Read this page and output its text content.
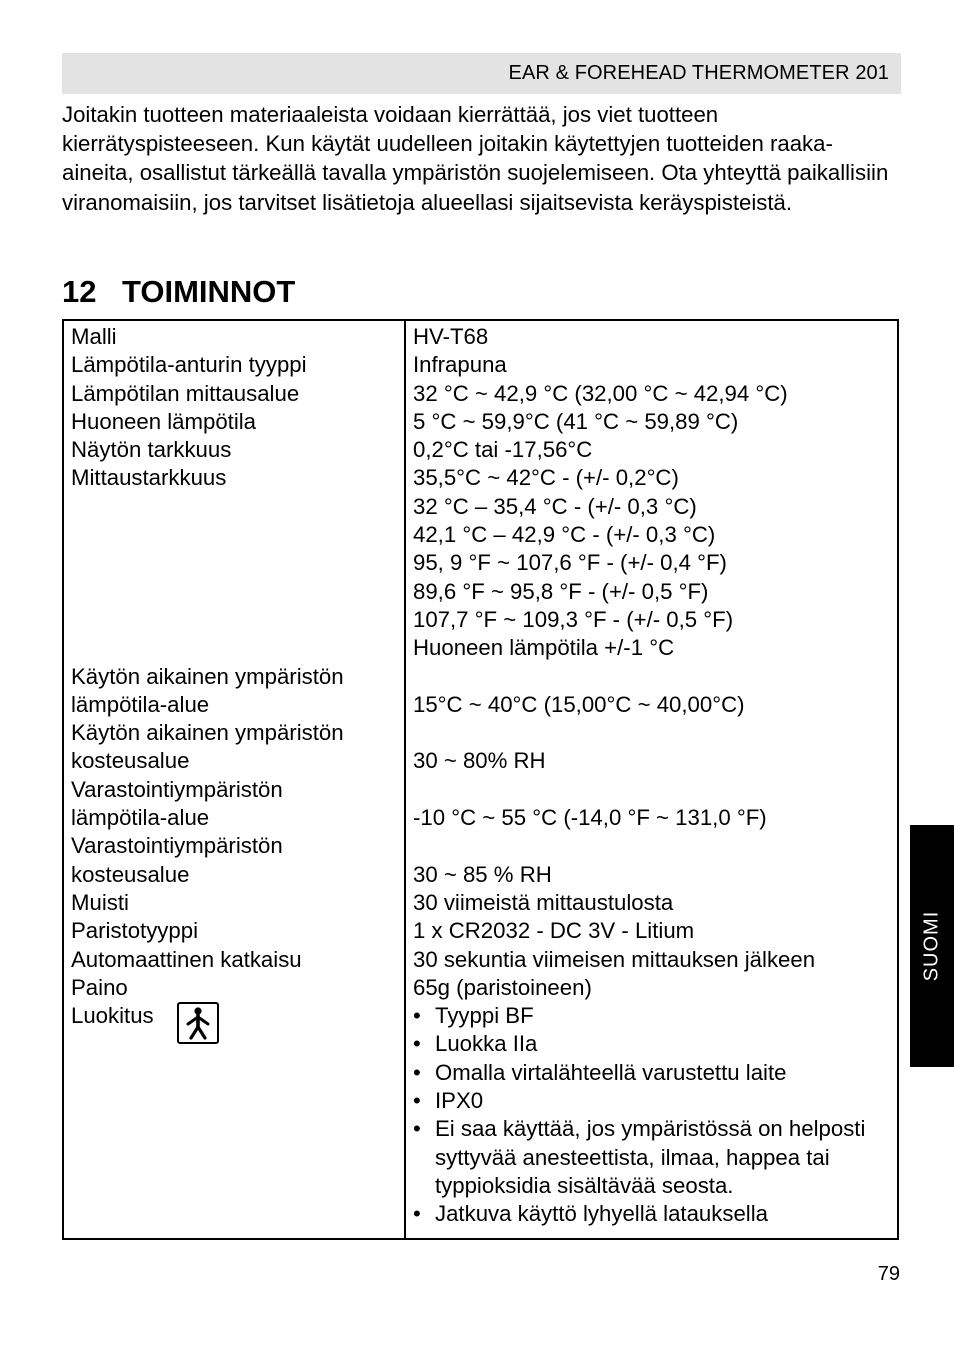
EAR & FOREHEAD THERMOMETER 201

Joitakin tuotteen materiaaleista voidaan kierrättää, jos viet tuotteen kierrätyspisteeseen. Kun käytät uudelleen joitakin käytettyjen tuotteiden raaka-aineita, osallistut tärkeällä tavalla ympäristön suojelemiseen. Ota yhteyttä paikallisiin viranomaisiin, jos tarvitset lisätietoja alueellasi sijaitsevista keräyspisteistä.

12 TOIMINNOT
Malli
Lämpötila-anturin tyyppi
Lämpötilan mittausalue
Huoneen lämpötila
Näytön tarkkuus
Mittaustarkkuus
Käytön aikainen ympäristön
lämpötila-alue
Käytön aikainen ympäristön
kosteusalue
Varastointiympäristön
lämpötila-alue
Varastointiympäristön
kosteusalue
Muisti
Paristotyyppi
Automaattinen katkaisu
Paino
Luokitus
HV-T68
Infrapuna
32 °C ~ 42,9 °C (32,00 °C ~ 42,94 °C)
5 °C ~ 59,9°C (41 °C ~ 59,89 °C)
0,2°C tai -17,56°C
35,5°C ~ 42°C - (+/- 0,2°C)
32 °C – 35,4 °C - (+/- 0,3 °C)
42,1 °C – 42,9 °C - (+/- 0,3 °C)
95, 9 °F ~ 107,6 °F - (+/- 0,4 °F)
89,6 °F ~ 95,8 °F - (+/- 0,5 °F)
107,7 °F ~ 109,3 °F - (+/- 0,5 °F)
Huoneen lämpötila +/-1 °C

15°C ~ 40°C (15,00°C ~ 40,00°C)

30 ~ 80% RH

-10 °C ~ 55 °C (-14,0 °F ~ 131,0 °F)

30 ~ 85 % RH
30 viimeistä mittaustulosta
1 x CR2032 - DC 3V - Litium
30 sekuntia viimeisen mittauksen jälkeen
65g (paristoineen)
• Tyyppi BF
• Luokka IIa
• Omalla virtalähteellä varustettu laite
• IPX0
• Ei saa käyttää, jos ympäristössä on helposti syttyvää anesteettista, ilmaa, happea tai typpioksidia sisältävää seosta.
• Jatkuva käyttö lyhyellä latauksella
SUOMI
79
